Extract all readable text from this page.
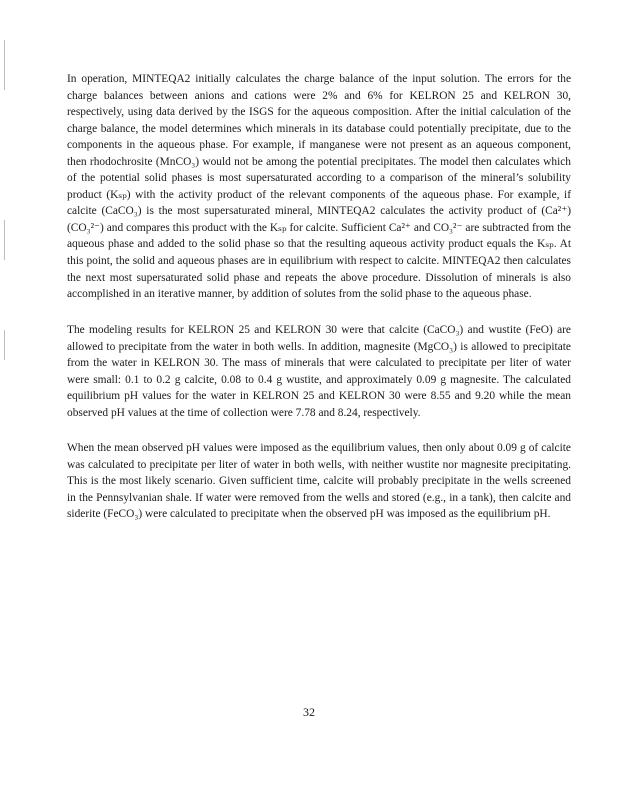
In operation, MINTEQA2 initially calculates the charge balance of the input solution. The errors for the charge balances between anions and cations were 2% and 6% for KELRON 25 and KELRON 30, respectively, using data derived by the ISGS for the aqueous composition. After the initial calculation of the charge balance, the model determines which minerals in its database could potentially precipitate, due to the components in the aqueous phase. For example, if manganese were not present as an aqueous component, then rhodochrosite (MnCO₃) would not be among the potential precipitates. The model then calculates which of the potential solid phases is most supersaturated according to a comparison of the mineral’s solubility product (Kₛₚ) with the activity product of the relevant components of the aqueous phase. For example, if calcite (CaCO₃) is the most supersaturated mineral, MINTEQA2 calculates the activity product of (Ca²⁺)(CO₃²⁻) and compares this product with the Kₛₚ for calcite. Sufficient Ca²⁺ and CO₃²⁻ are subtracted from the aqueous phase and added to the solid phase so that the resulting aqueous activity product equals the Kₛₚ. At this point, the solid and aqueous phases are in equilibrium with respect to calcite. MINTEQA2 then calculates the next most supersaturated solid phase and repeats the above procedure. Dissolution of minerals is also accomplished in an iterative manner, by addition of solutes from the solid phase to the aqueous phase.

The modeling results for KELRON 25 and KELRON 30 were that calcite (CaCO₃) and wustite (FeO) are allowed to precipitate from the water in both wells. In addition, magnesite (MgCO₃) is allowed to precipitate from the water in KELRON 30. The mass of minerals that were calculated to precipitate per liter of water were small: 0.1 to 0.2 g calcite, 0.08 to 0.4 g wustite, and approximately 0.09 g magnesite. The calculated equilibrium pH values for the water in KELRON 25 and KELRON 30 were 8.55 and 9.20 while the mean observed pH values at the time of collection were 7.78 and 8.24, respectively.

When the mean observed pH values were imposed as the equilibrium values, then only about 0.09 g of calcite was calculated to precipitate per liter of water in both wells, with neither wustite nor magnesite precipitating. This is the most likely scenario. Given sufficient time, calcite will probably precipitate in the wells screened in the Pennsylvanian shale. If water were removed from the wells and stored (e.g., in a tank), then calcite and siderite (FeCO₃) were calculated to precipitate when the observed pH was imposed as the equilibrium pH.

32
